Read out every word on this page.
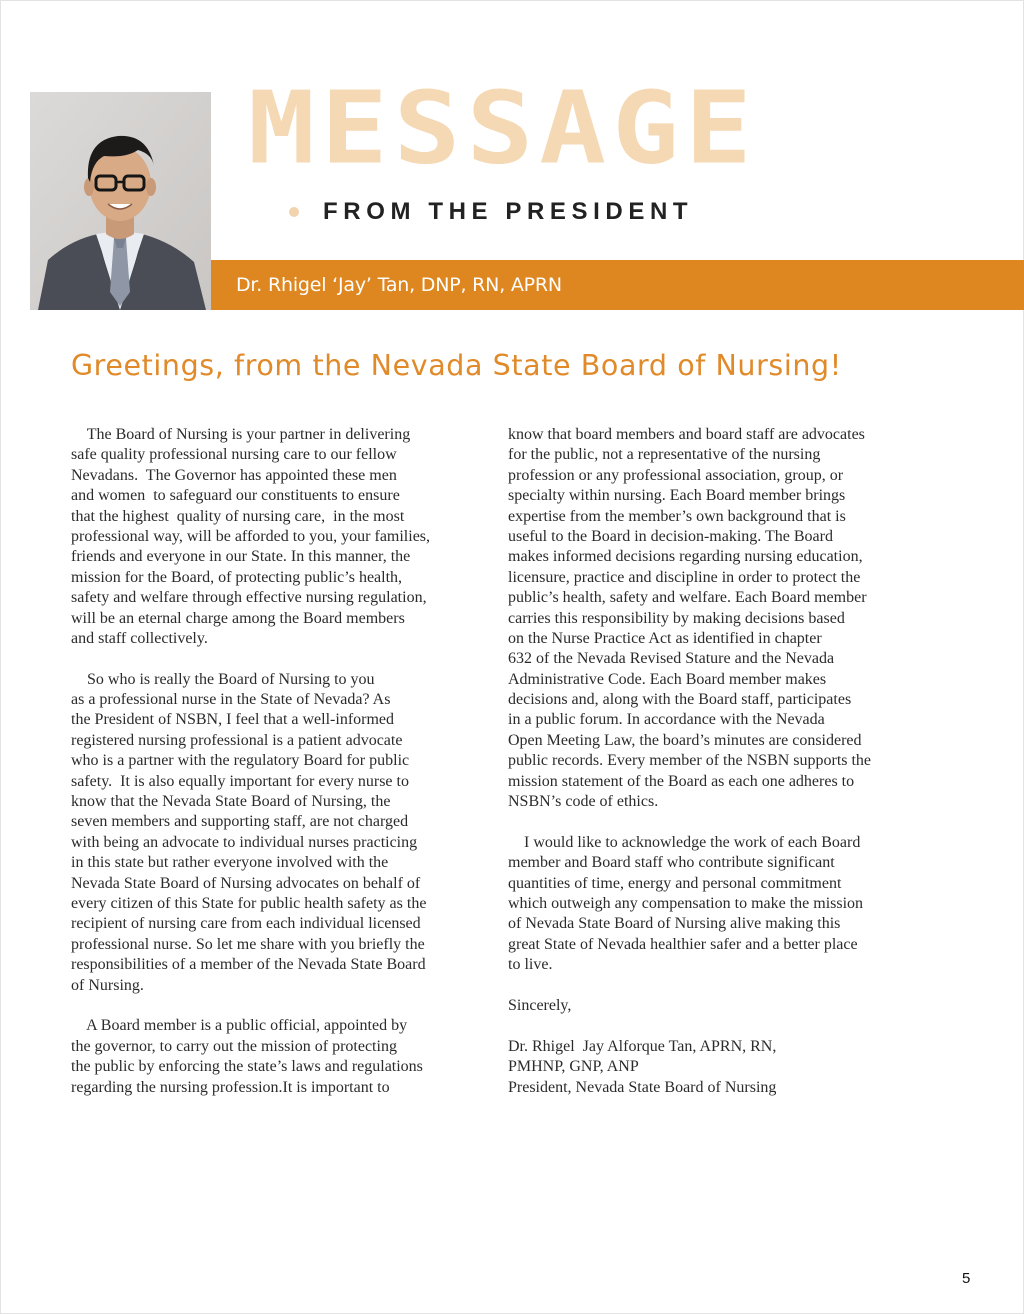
MESSAGE
FROM THE PRESIDENT
Dr. Rhigel ‘Jay’ Tan, DNP, RN, APRN
Greetings, from the Nevada State Board of Nursing!
The Board of Nursing is your partner in delivering
safe quality professional nursing care to our fellow
Nevadans.  The Governor has appointed these men
and women  to safeguard our constituents to ensure
that the highest  quality of nursing care,  in the most
professional way, will be afforded to you, your families,
friends and everyone in our State. In this manner, the
mission for the Board, of protecting public’s health,
safety and welfare through effective nursing regulation,
will be an eternal charge among the Board members
and staff collectively.
So who is really the Board of Nursing to you
as a professional nurse in the State of Nevada? As
the President of NSBN, I feel that a well-informed
registered nursing professional is a patient advocate
who is a partner with the regulatory Board for public
safety.  It is also equally important for every nurse to
know that the Nevada State Board of Nursing, the
seven members and supporting staff, are not charged
with being an advocate to individual nurses practicing
in this state but rather everyone involved with the
Nevada State Board of Nursing advocates on behalf of
every citizen of this State for public health safety as the
recipient of nursing care from each individual licensed
professional nurse. So let me share with you briefly the
responsibilities of a member of the Nevada State Board
of Nursing.
A Board member is a public official, appointed by
the governor, to carry out the mission of protecting
the public by enforcing the state’s laws and regulations
regarding the nursing profession.It is important to
know that board members and board staff are advocates
for the public, not a representative of the nursing
profession or any professional association, group, or
specialty within nursing. Each Board member brings
expertise from the member’s own background that is
useful to the Board in decision-making. The Board
makes informed decisions regarding nursing education,
licensure, practice and discipline in order to protect the
public’s health, safety and welfare. Each Board member
carries this responsibility by making decisions based
on the Nurse Practice Act as identified in chapter
632 of the Nevada Revised Stature and the Nevada
Administrative Code. Each Board member makes
decisions and, along with the Board staff, participates
in a public forum. In accordance with the Nevada
Open Meeting Law, the board’s minutes are considered
public records. Every member of the NSBN supports the
mission statement of the Board as each one adheres to
NSBN’s code of ethics.
I would like to acknowledge the work of each Board
member and Board staff who contribute significant
quantities of time, energy and personal commitment
which outweigh any compensation to make the mission
of Nevada State Board of Nursing alive making this
great State of Nevada healthier safer and a better place
to live.
Sincerely,
Dr. Rhigel  Jay Alforque Tan, APRN, RN,
PMHNP, GNP, ANP
President, Nevada State Board of Nursing
5
